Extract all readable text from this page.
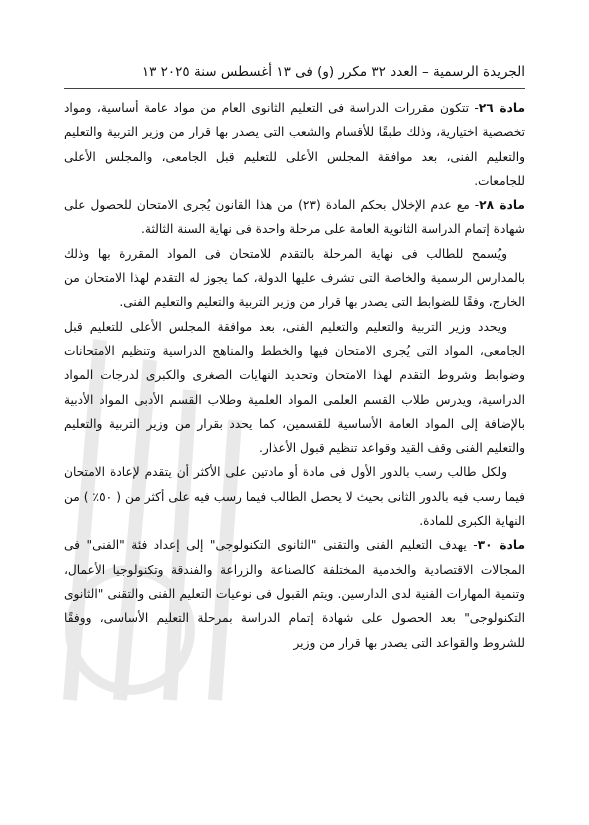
الجريدة الرسمية – العدد ٣٢ مكرر (و) فى ١٣ أغسطس سنة ٢٠٢٥ ١٣

مادة ٢٦- تتكون مقررات الدراسة فى التعليم الثانوى العام من مواد عامة أساسية، ومواد تخصصية اختيارية، وذلك طبقًا للأقسام والشعب التى يصدر بها قرار من وزير التربية والتعليم والتعليم الفنى، بعد موافقة المجلس الأعلى للتعليم قبل الجامعى، والمجلس الأعلى للجامعات.

مادة ٢٨- مع عدم الإخلال بحكم المادة (٢٣) من هذا القانون يُجرى الامتحان للحصول على شهادة إتمام الدراسة الثانوية العامة على مرحلة واحدة فى نهاية السنة الثالثة.

ويُسمح للطالب فى نهاية المرحلة بالتقدم للامتحان فى المواد المقررة بها وذلك بالمدارس الرسمية والخاصة التى تشرف عليها الدولة، كما يجوز له التقدم لهذا الامتحان من الخارج، وفقًا للضوابط التى يصدر بها قرار من وزير التربية والتعليم والتعليم الفنى.

ويحدد وزير التربية والتعليم والتعليم الفنى، بعد موافقة المجلس الأعلى للتعليم قبل الجامعى، المواد التى يُجرى الامتحان فيها والخطط والمناهج الدراسية وتنظيم الامتحانات وضوابط وشروط التقدم لهذا الامتحان وتحديد النهايات الصغرى والكبرى لدرجات المواد الدراسية، ويدرس طلاب القسم العلمى المواد العلمية وطلاب القسم الأدبى المواد الأدبية بالإضافة إلى المواد العامة الأساسية للقسمين، كما يحدد بقرار من وزير التربية والتعليم والتعليم الفنى وقف القيد وقواعد تنظيم قبول الأعذار.

ولكل طالب رسب بالدور الأول فى مادة أو مادتين على الأكثر أن يتقدم لإعادة الامتحان فيما رسب فيه بالدور الثانى بحيث لا يحصل الطالب فيما رسب فيه على أكثر من ( ٥٠٪ ) من النهاية الكبرى للمادة.

مادة ٣٠- يهدف التعليم الفنى والتقنى "الثانوى التكنولوجى" إلى إعداد فئة "الفنى" فى المجالات الاقتصادية والخدمية المختلفة كالصناعة والزراعة والفندقة وتكنولوجيا الأعمال، وتنمية المهارات الفنية لدى الدارسين. ويتم القبول فى نوعيات التعليم الفنى والتقنى "الثانوى التكنولوجى" بعد الحصول على شهادة إتمام الدراسة بمرحلة التعليم الأساسى، ووفقًا للشروط والقواعد التى يصدر بها قرار من وزير
